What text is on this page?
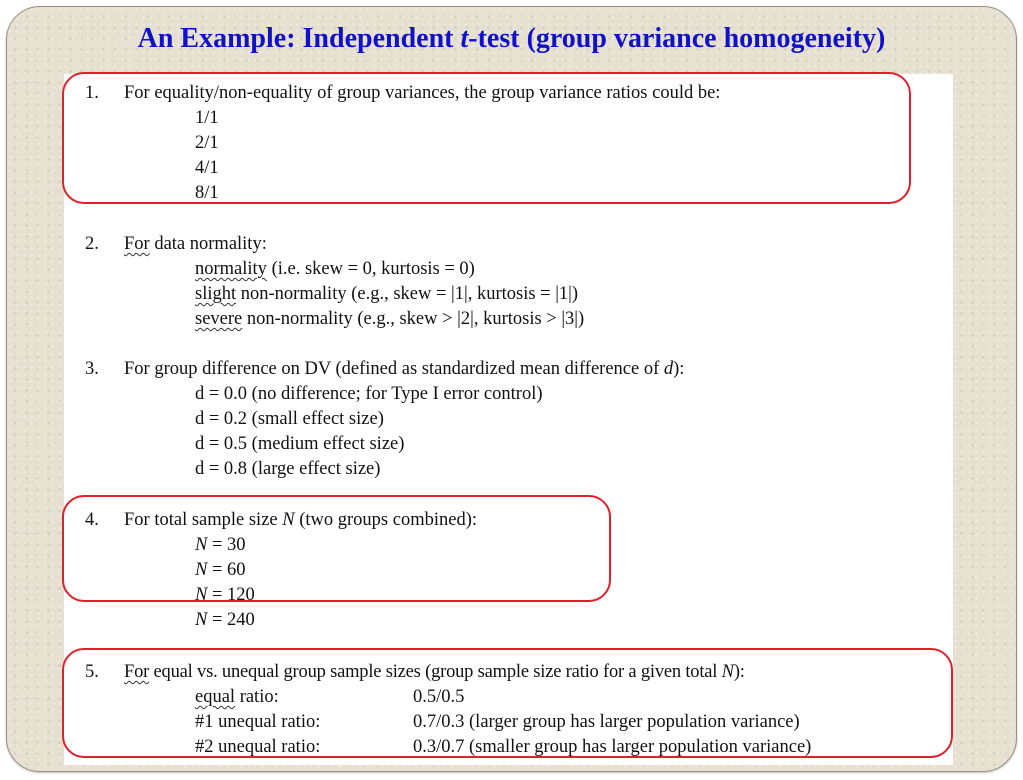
An Example: Independent t-test (group variance homogeneity)
1. For equality/non-equality of group variances, the group variance ratios could be:
1/1
2/1
4/1
8/1
2. For data normality:
normality (i.e. skew = 0, kurtosis = 0)
slight non-normality (e.g., skew = |1|, kurtosis = |1|)
severe non-normality (e.g., skew > |2|, kurtosis > |3|)
3. For group difference on DV (defined as standardized mean difference of d):
d = 0.0 (no difference; for Type I error control)
d = 0.2 (small effect size)
d = 0.5 (medium effect size)
d = 0.8 (large effect size)
4. For total sample size N (two groups combined):
N = 30
N = 60
N = 120
N = 240
5. For equal vs. unequal group sample sizes (group sample size ratio for a given total N):
equal ratio:	0.5/0.5
#1 unequal ratio:	0.7/0.3 (larger group has larger population variance)
#2 unequal ratio:	0.3/0.7 (smaller group has larger population variance)
